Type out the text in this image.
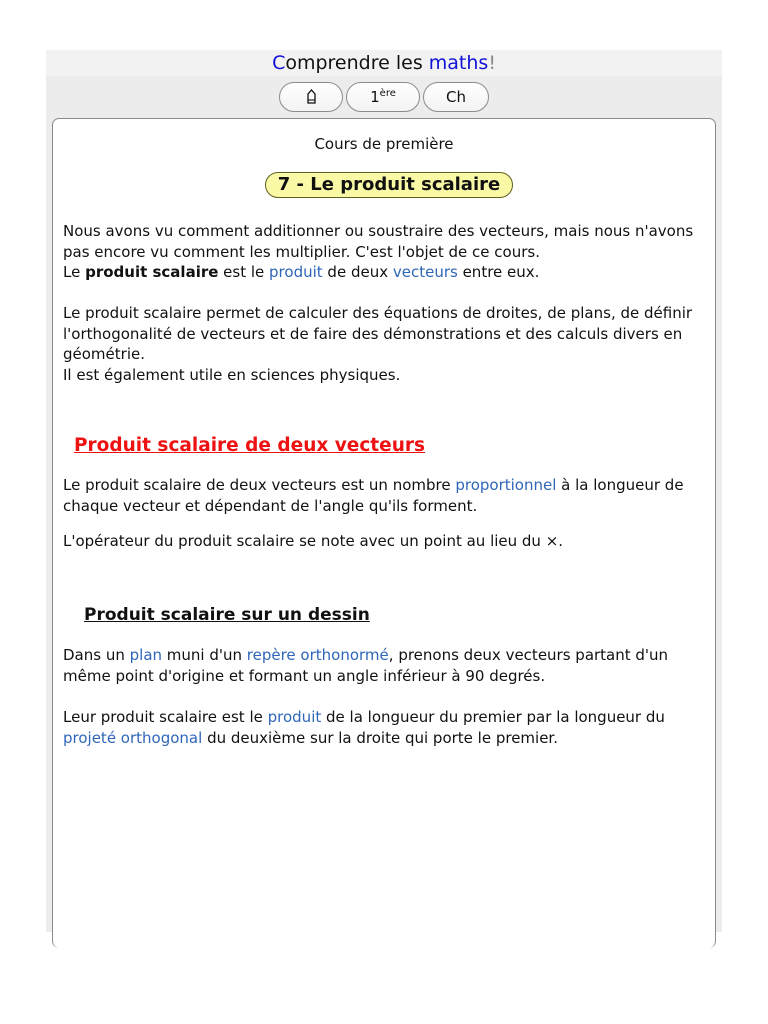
Comprendre les maths!
1ère	Ch
Cours de première
7 - Le produit scalaire
Nous avons vu comment additionner ou soustraire des vecteurs, mais nous n'avons pas encore vu comment les multiplier. C'est l'objet de ce cours.
Le produit scalaire est le produit de deux vecteurs entre eux.
Le produit scalaire permet de calculer des équations de droites, de plans, de définir l'orthogonalité de vecteurs et de faire des démonstrations et des calculs divers en géométrie.
Il est également utile en sciences physiques.
Produit scalaire de deux vecteurs
Le produit scalaire de deux vecteurs est un nombre proportionnel à la longueur de chaque vecteur et dépendant de l'angle qu'ils forment.
L'opérateur du produit scalaire se note avec un point au lieu du ×.
Produit scalaire sur un dessin
Dans un plan muni d'un repère orthonormé, prenons deux vecteurs partant d'un même point d'origine et formant un angle inférieur à 90 degrés.
Leur produit scalaire est le produit de la longueur du premier par la longueur du projeté orthogonal du deuxième sur la droite qui porte le premier.
